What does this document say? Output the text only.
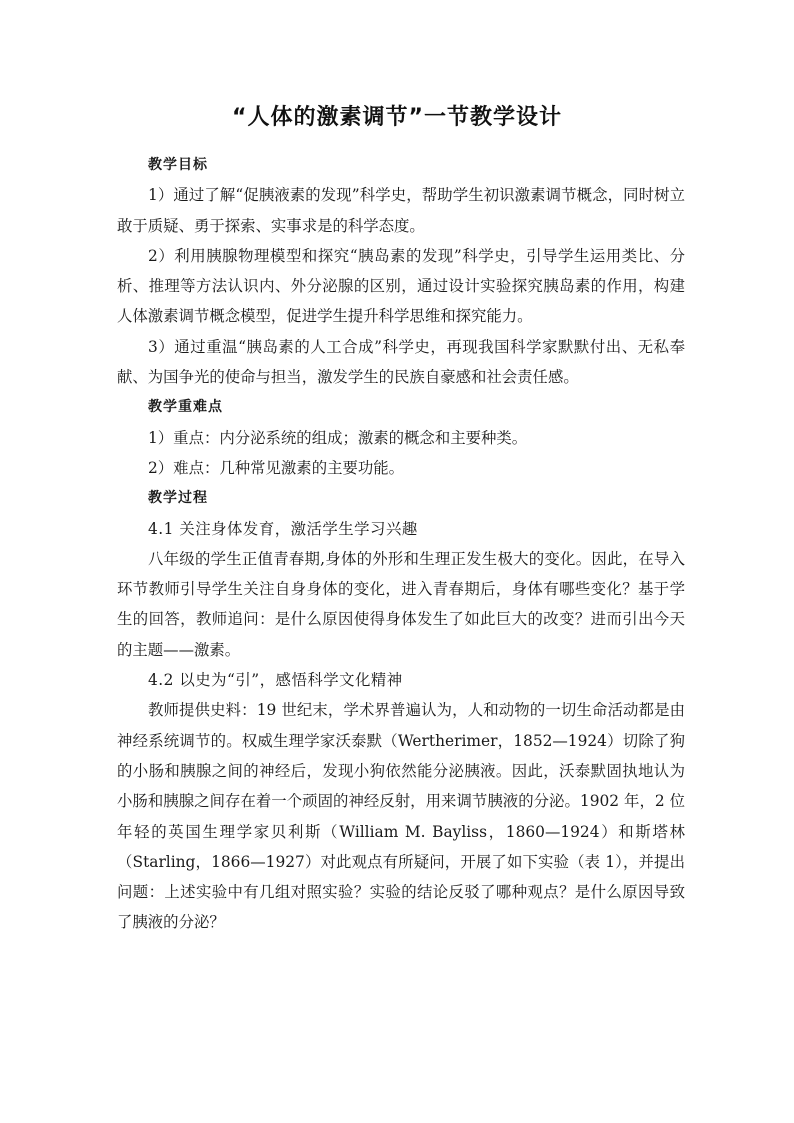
“人体的激素调节”一节教学设计

教学目标

1）通过了解“促胰液素的发现”科学史，帮助学生初识激素调节概念，同时树立敢于质疑、勇于探索、实事求是的科学态度。

2）利用胰腺物理模型和探究“胰岛素的发现”科学史，引导学生运用类比、分析、推理等方法认识内、外分泌腺的区别，通过设计实验探究胰岛素的作用，构建人体激素调节概念模型，促进学生提升科学思维和探究能力。

3）通过重温“胰岛素的人工合成”科学史，再现我国科学家默默付出、无私奉献、为国争光的使命与担当，激发学生的民族自豪感和社会责任感。

教学重难点

1）重点：内分泌系统的组成；激素的概念和主要种类。

2）难点：几种常见激素的主要功能。

教学过程

4.1 关注身体发育，激活学生学习兴趣

八年级的学生正值青春期,身体的外形和生理正发生极大的变化。因此，在导入环节教师引导学生关注自身身体的变化，进入青春期后，身体有哪些变化？基于学生的回答，教师追问：是什么原因使得身体发生了如此巨大的改变？进而引出今天的主题——激素。

4.2 以史为“引”，感悟科学文化精神

教师提供史料：19 世纪末，学术界普遍认为，人和动物的一切生命活动都是由神经系统调节的。权威生理学家沃泰默（Wertherimer，1852—1924）切除了狗的小肠和胰腺之间的神经后，发现小狗依然能分泌胰液。因此，沃泰默固执地认为小肠和胰腺之间存在着一个顽固的神经反射，用来调节胰液的分泌。1902 年，2 位年轻的英国生理学家贝利斯（William M. Bayliss，1860—1924）和斯塔林 （Starling，1866—1927）对此观点有所疑问，开展了如下实验（表 1），并提出问题：上述实验中有几组对照实验？实验的结论反驳了哪种观点？是什么原因导致了胰液的分泌？
